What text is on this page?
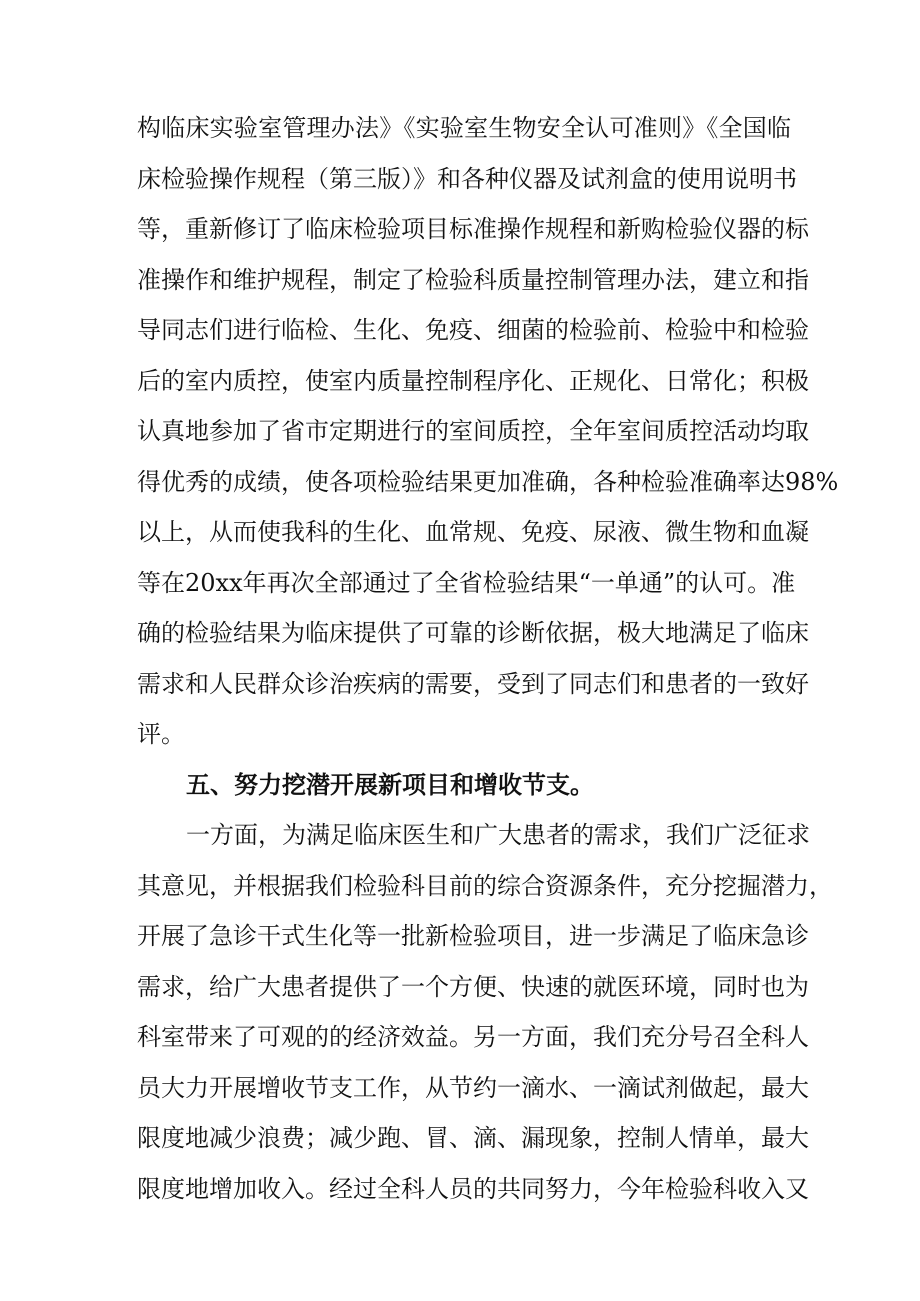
构临床实验室管理办法》《实验室生物安全认可准则》《全国临
床检验操作规程（第三版）》和各种仪器及试剂盒的使用说明书
等，重新修订了临床检验项目标准操作规程和新购检验仪器的标
准操作和维护规程，制定了检验科质量控制管理办法，建立和指
导同志们进行临检、生化、免疫、细菌的检验前、检验中和检验
后的室内质控，使室内质量控制程序化、正规化、日常化；积极
认真地参加了省市定期进行的室间质控，全年室间质控活动均取
得优秀的成绩，使各项检验结果更加准确，各种检验准确率达98%
以上，从而使我科的生化、血常规、免疫、尿液、微生物和血凝
等在20xx年再次全部通过了全省检验结果“一单通”的认可。准
确的检验结果为临床提供了可靠的诊断依据，极大地满足了临床
需求和人民群众诊治疾病的需要，受到了同志们和患者的一致好
评。
五、努力挖潜开展新项目和增收节支。
一方面，为满足临床医生和广大患者的需求，我们广泛征求
其意见，并根据我们检验科目前的综合资源条件，充分挖掘潜力，
开展了急诊干式生化等一批新检验项目，进一步满足了临床急诊
需求，给广大患者提供了一个方便、快速的就医环境，同时也为
科室带来了可观的的经济效益。另一方面，我们充分号召全科人
员大力开展增收节支工作，从节约一滴水、一滴试剂做起，最大
限度地减少浪费；减少跑、冒、滴、漏现象，控制人情单，最大
限度地增加收入。经过全科人员的共同努力，今年检验科收入又
